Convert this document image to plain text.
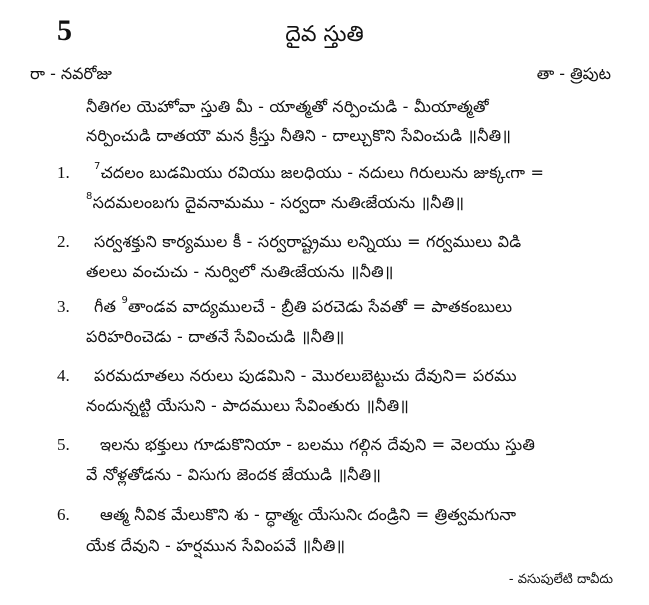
5	దైవ స్తుతి
రా - నవరోజు	తా - త్రిపుట
నీతిగల యెహోవా స్తుతి మీ - యాత్మతో నర్పించుడి - మీయాత్మతో
నర్పించుడి దాతయౌ మన క్రీస్తు నీతిని - దాల్చుకొని సేవించుడి ॥నీతి॥
1. $^7$చదలం బుడమియు రవియు జలధియు - నదులు గిరులును జుక్కఁగా =
$^8$సదమలంబగు దైవనామము - సర్వదా నుతిఁజేయను ॥నీతి॥
2. సర్వశక్తుని కార్యముల కీ - సర్వరాష్ట్రము లన్నియు = గర్వములు విడి
తలలు వంచుచు - నుర్విలో నుతిఁజేయను ॥నీతి॥
3. గీత $^9$తాండవ వాద్యములచే - బ్రీతి పరచెడు సేవతో = పాతకంబులు
పరిహరించెడు - దాతనే సేవించుడి ॥నీతి॥
4. పరమదూతలు నరులు పుడమిని - మొరలుబెట్టుచు దేవుని= పరము
నందున్నట్టి యేసుని - పాదములు సేవింతురు ॥నీతి॥
5. ఇలను భక్తులు గూడుకొనియా - బలము గల్గిన దేవుని = వెలయు స్తుతి
వే నోళ్లతోడను - విసుగు జెందక జేయుడి ॥నీతి॥
6. ఆత్మ నీవిక మేలుకొని శు - ద్ధాత్మఁ యేసునిఁ దండ్రిని = త్రిత్వమగునా
యేక దేవుని - హర్షమున సేవింపవే ॥నీతి॥
- వసుపులేటి దావీదు
